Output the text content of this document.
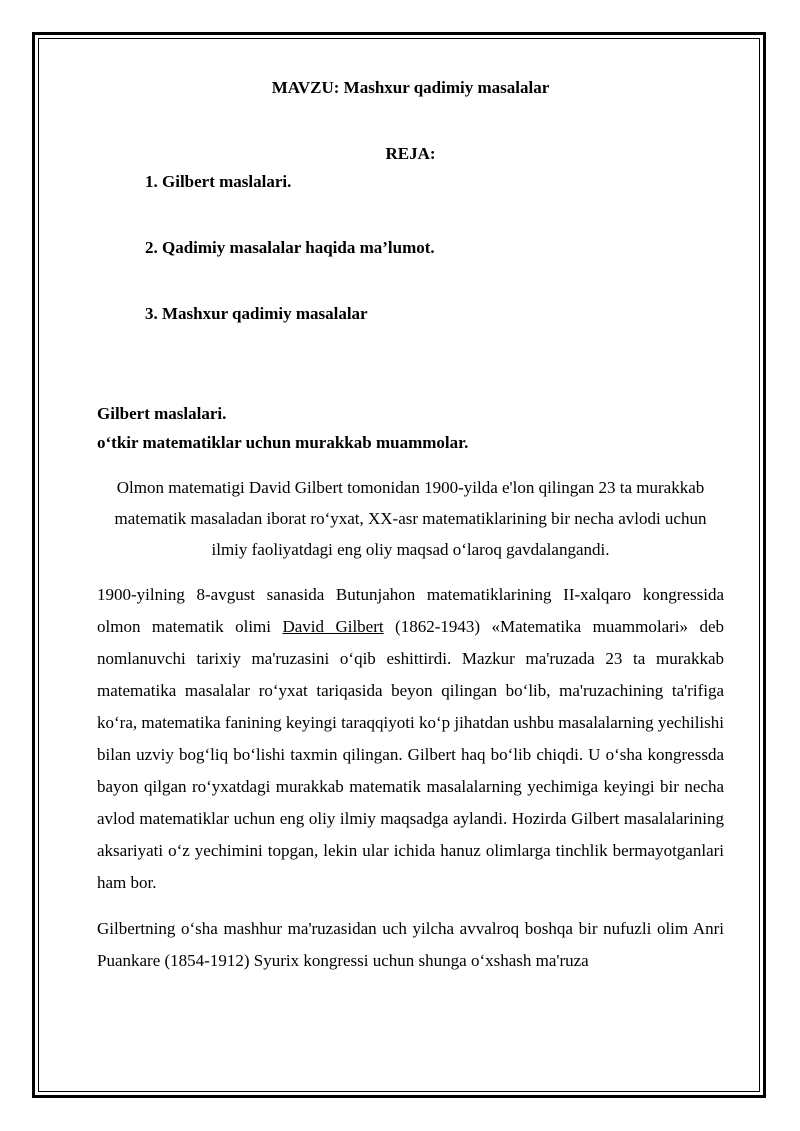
MAVZU: Mashxur qadimiy masalalar

REJA:

1. Gilbert maslalari.
2. Qadimiy masalalar haqida ma’lumot.
3. Mashxur qadimiy masalalar

Gilbert maslalari.

o‘tkir matematiklar uchun murakkab muammolar.

Olmon matematigi David Gilbert tomonidan 1900-yilda e'lon qilingan 23 ta murakkab matematik masaladan iborat ro‘yxat, XX-asr matematiklarining bir necha avlodi uchun ilmiy faoliyatdagi eng oliy maqsad o‘laroq gavdalangandi.

1900-yilning 8-avgust sanasida Butunjahon matematiklarining II-xalqaro kongressida olmon matematik olimi David Gilbert (1862-1943) «Matematika muammolari» deb nomlanuvchi tarixiy ma'ruzasini o‘qib eshittirdi. Mazkur ma'ruzada 23 ta murakkab matematika masalalar ro‘yxat tariqasida beyon qilingan bo‘lib, ma'ruzachining ta'rifiga ko‘ra, matematika fanining keyingi taraqqiyoti ko‘p jihatdan ushbu masalalarning yechilishi bilan uzviy bog‘liq bo‘lishi taxmin qilingan. Gilbert haq bo‘lib chiqdi. U o‘sha kongressda bayon qilgan ro‘yxatdagi murakkab matematik masalalarning yechimiga keyingi bir necha avlod matematiklar uchun eng oliy ilmiy maqsadga aylandi. Hozirda Gilbert masalalarining aksariyati o‘z yechimini topgan, lekin ular ichida hanuz olimlarga tinchlik bermayotganlari ham bor.

Gilbertning o‘sha mashhur ma'ruzasidan uch yilcha avvalroq boshqa bir nufuzli olim Anri Puankare (1854-1912) Syurix kongressi uchun shunga o‘xshash ma'ruza
